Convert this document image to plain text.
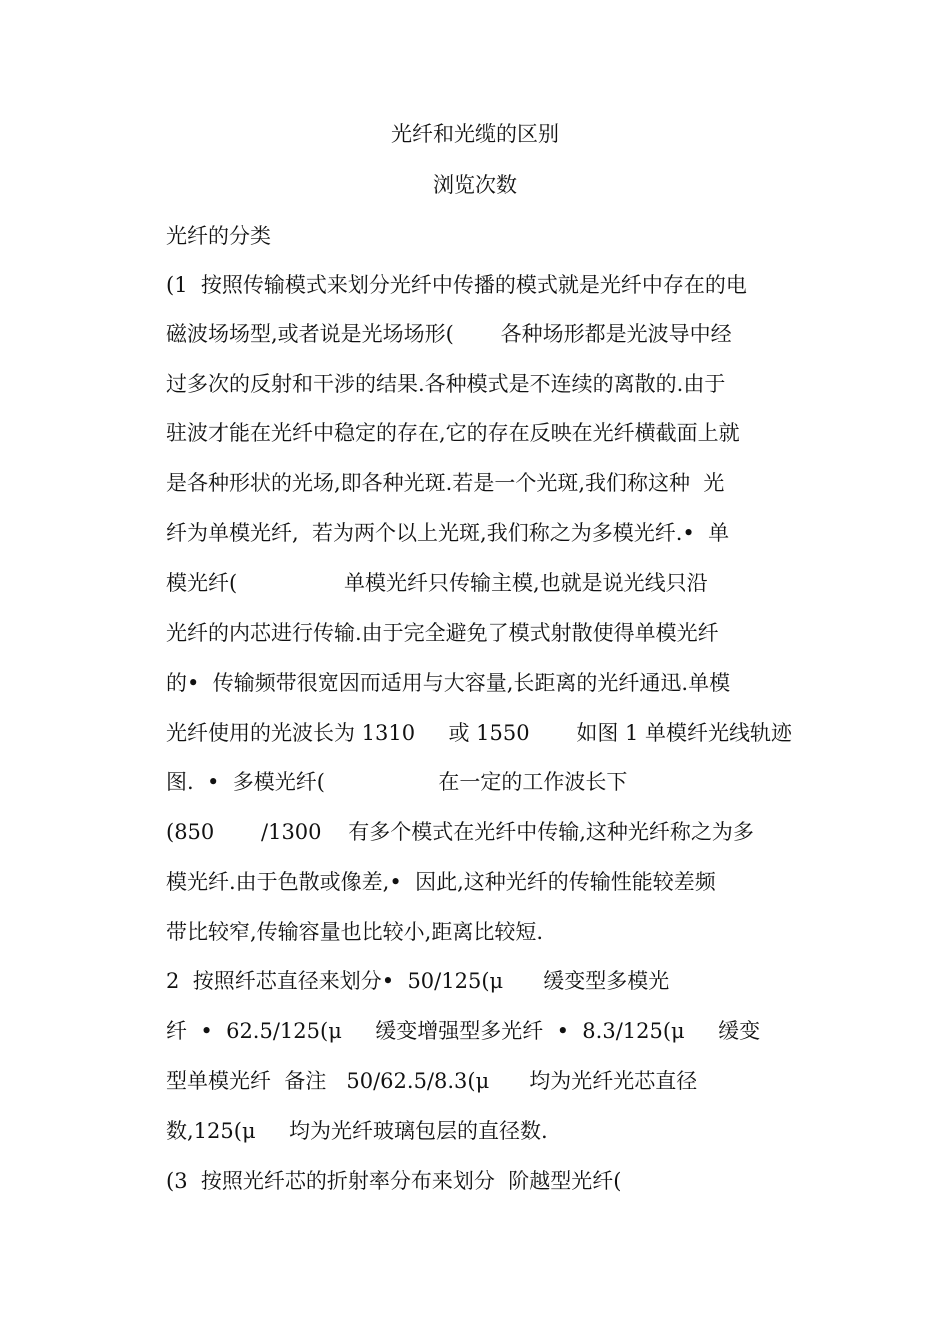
光纤和光缆的区别
浏览次数
光纤的分类
(1  按照传输模式来划分光纤中传播的模式就是光纤中存在的电
磁波场场型,或者说是光场场形(       各种场形都是光波导中经
过多次的反射和干涉的结果.各种模式是不连续的离散的.由于
驻波才能在光纤中稳定的存在,它的存在反映在光纤横截面上就
是各种形状的光场,即各种光斑.若是一个光斑,我们称这种  光
纤为单模光纤,  若为两个以上光斑,我们称之为多模光纤.•  单
模光纤(                单模光纤只传输主模,也就是说光线只沿
光纤的内芯进行传输.由于完全避免了模式射散使得单模光纤
的•  传输频带很宽因而适用与大容量,长距离的光纤通迅.单模
光纤使用的光波长为 1310     或 1550       如图 1 单模纤光线轨迹
图.  •  多模光纤(                 在一定的工作波长下
(850       /1300    有多个模式在光纤中传输,这种光纤称之为多
模光纤.由于色散或像差,•  因此,这种光纤的传输性能较差频
带比较窄,传输容量也比较小,距离比较短.
2  按照纤芯直径来划分•  50/125(μ      缓变型多模光
纤  •  62.5/125(μ     缓变增强型多光纤  •  8.3/125(μ     缓变
型单模光纤  备注   50/62.5/8.3(μ      均为光纤光芯直径
数,125(μ     均为光纤玻璃包层的直径数.
(3  按照光纤芯的折射率分布来划分  阶越型光纤(
